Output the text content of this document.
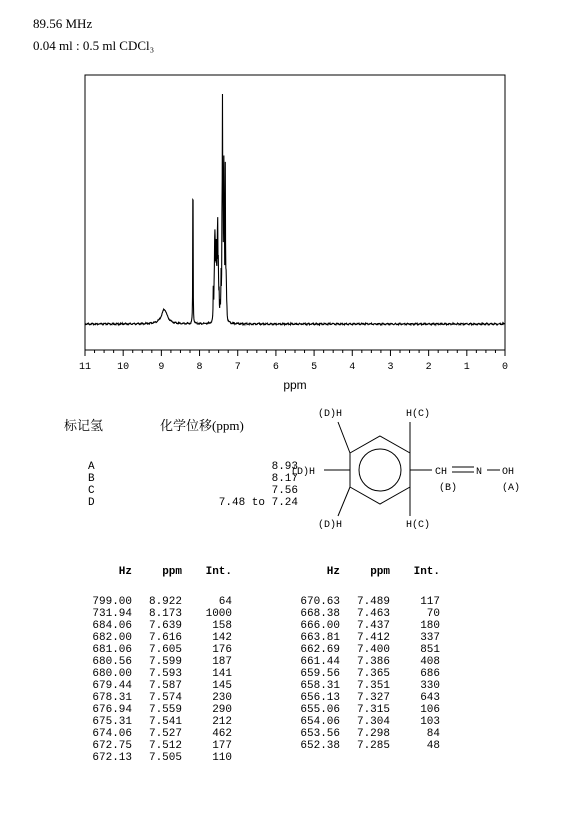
89.56 MHz
0.04 ml : 0.5 ml CDCl₃
11	10	9	8	7	6	5	4	3	2	1	0
ppm
标记氢	化学位移(ppm)
A	8.93
B	8.17
C	7.56
D	7.48 to 7.24
(D)H	H(C)
(D)H
(D)H	H(C)
CH	N OH
(B)	(A)
Hz	ppm	Int.
799.00	8.922	64
731.94	8.173	1000
684.06	7.639	158
682.00	7.616	142
681.06	7.605	176
680.56	7.599	187
680.00	7.593	141
679.44	7.587	145
678.31	7.574	230
676.94	7.559	290
675.31	7.541	212
674.06	7.527	462
672.75	7.512	177
672.13	7.505	110
Hz	ppm	Int.
670.63	7.489	117
668.38	7.463	70
666.00	7.437	180
663.81	7.412	337
662.69	7.400	851
661.44	7.386	408
659.56	7.365	686
658.31	7.351	330
656.13	7.327	643
655.06	7.315	106
654.06	7.304	103
653.56	7.298	84
652.38	7.285	48
